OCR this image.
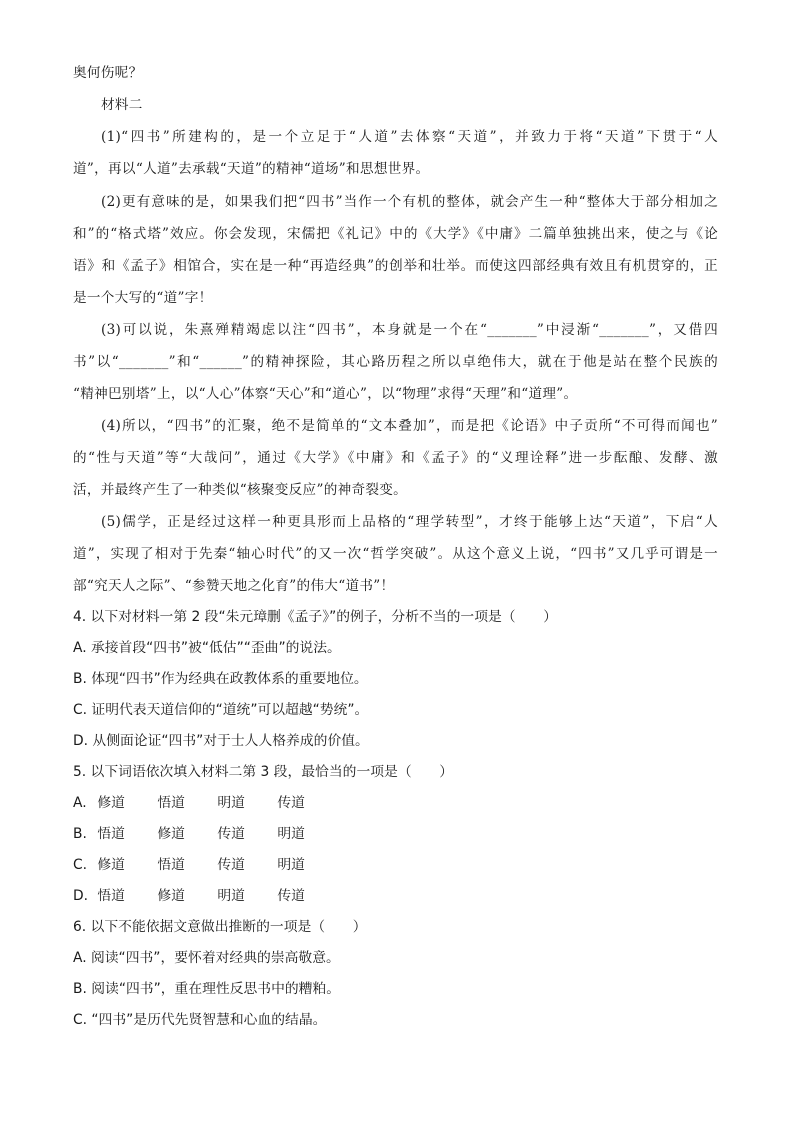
奥何伤呢？
材料二
(1)“四书”所建构的，是一个立足于“人道”去体察“天道”，并致力于将“天道”下贯于“人
道”，再以“人道”去承载“天道”的精神“道场”和思想世界。
(2)更有意味的是，如果我们把“四书”当作一个有机的整体，就会产生一种“整体大于部分相加之
和”的“格式塔”效应。你会发现，宋儒把《礼记》中的《大学》《中庸》二篇单独挑出来，使之与《论
语》和《孟子》相馆合，实在是一种“再造经典”的创举和壮举。而使这四部经典有效且有机贯穿的，正
是一个大写的“道”字！
(3)可以说，朱熹殚精竭虑以注“四书”，本身就是一个在“_______”中浸渐“_______”，又借四
书”以“_______”和“______”的精神探险，其心路历程之所以卓绝伟大，就在于他是站在整个民族的
“精神巴别塔”上，以“人心”体察“天心”和“道心”，以“物理”求得“天理”和“道理”。
(4)所以，“四书”的汇聚，绝不是简单的“文本叠加”，而是把《论语》中子贡所“不可得而闻也”
的“性与天道”等“大哉问”，通过《大学》《中庸》和《孟子》的“义理诠释”进一步酝酿、发酵、激
活，并最终产生了一种类似“核聚变反应”的神奇裂变。
(5)儒学，正是经过这样一种更具形而上品格的“理学转型”，才终于能够上达“天道”，下启“人
道”，实现了相对于先秦“轴心时代”的又一次“哲学突破”。从这个意义上说，“四书”又几乎可谓是一
部“究天人之际”、“参赞天地之化育”的伟大“道书”！
4. 以下对材料一第 2 段“朱元璋删《孟子》”的例子，分析不当的一项是（　　）
A. 承接首段“四书”被“低估”“歪曲”的说法。
B. 体现“四书”作为经典在政教体系的重要地位。
C. 证明代表天道信仰的“道统”可以超越“势统”。
D. 从侧面论证“四书”对于士人人格养成的价值。
5. 以下词语依次填入材料二第 3 段，最恰当的一项是（　　）
A. 修道 悟道 明道 传道
B. 悟道 修道 传道 明道
C. 修道 悟道 传道 明道
D. 悟道 修道 明道 传道
6. 以下不能依据文意做出推断的一项是（　　）
A. 阅读“四书”，要怀着对经典的崇高敬意。
B. 阅读“四书”，重在理性反思书中的糟粕。
C. “四书”是历代先贤智慧和心血的结晶。
